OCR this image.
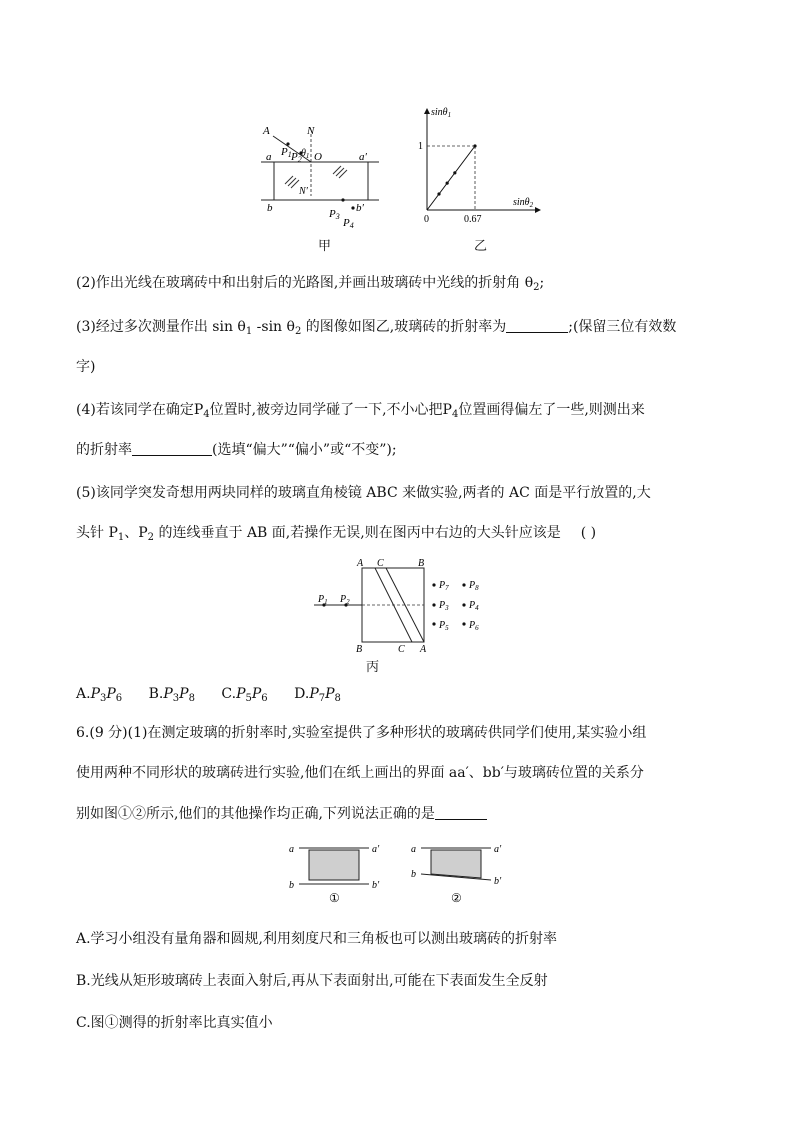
A	N
P1 P2
$\theta_1$ O
a	a′
b	b′
N′
P3
P4
甲
sinθ$_1$
sinθ$_2$
0	0.67
1
乙
(2)作出光线在玻璃砖中和出射后的光路图,并画出玻璃砖中光线的折射角 $\theta_2$;
(3)经过多次测量作出 $\sin \theta_1$ -sin $\theta_2$ 的图像如图乙,玻璃砖的折射率为	;(保留三位有效数
字)
(4)若该同学在确定$P_4$位置时,被旁边同学碰了一下,不小心把$P_4$位置画得偏左了一些,则测出来
的折射率	(选填“偏大”“偏小”或“不变”);
(5)该同学突发奇想用两块同样的玻璃直角棱镜 ABC 来做实验,两者的 AC 面是平行放置的,大
头针 $P_1$、$P_2$ 的连线垂直于 AB 面,若操作无误,则在图丙中右边的大头针应该是 ( )
A C	B
B	C A
$P_1$ $P_2$
$P_7$ $P_8$
$P_3$ $P_4$
$P_5$ $P_6$
丙
$A.P_3P_6$ $B.P_3P_8$ $C.P_5P_6$ $D.P_7P_8$
6.(9 分)(1)在测定玻璃的折射率时,实验室提供了多种形状的玻璃砖供同学们使用,某实验小组
使用两种不同形状的玻璃砖进行实验,他们在纸上画出的界面 aa′、bb′与玻璃砖位置的关系分
别如图①②所示,他们的其他操作均正确,下列说法正确的是
a	a′
b	b′
a	a′
b
b′
①	②
A.学习小组没有量角器和圆规,利用刻度尺和三角板也可以测出玻璃砖的折射率
B.光线从矩形玻璃砖上表面入射后,再从下表面射出,可能在下表面发生全反射
C.图①测得的折射率比真实值小
